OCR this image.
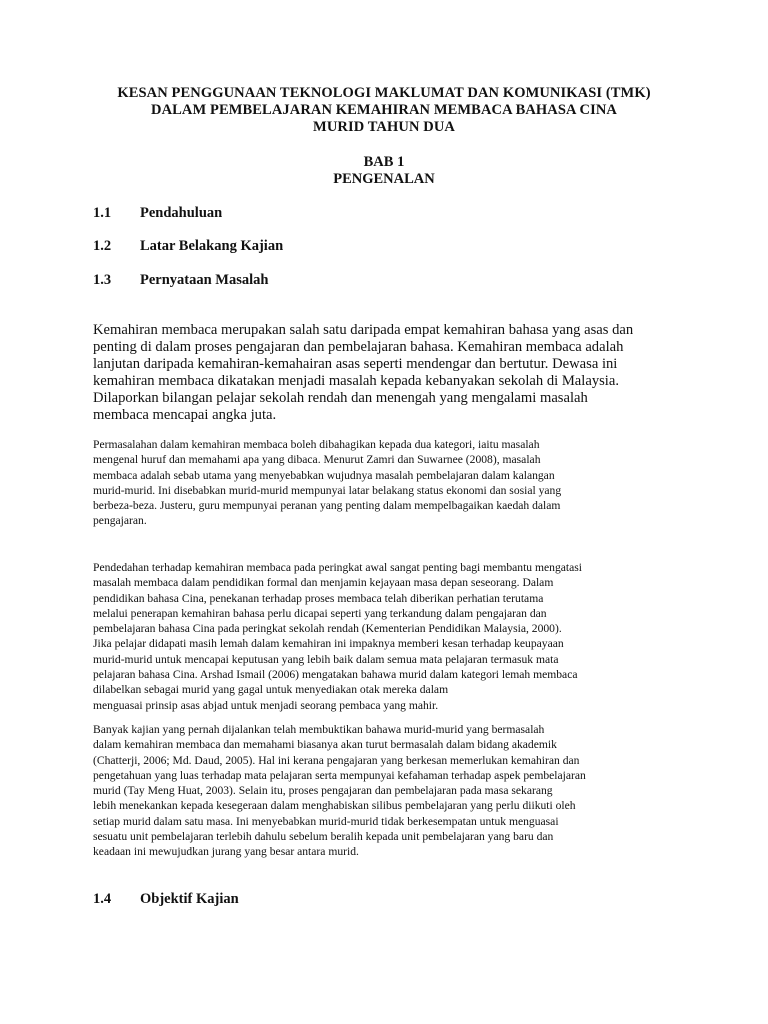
KESAN PENGGUNAAN TEKNOLOGI MAKLUMAT DAN KOMUNIKASI (TMK)
DALAM PEMBELAJARAN KEMAHIRAN MEMBACA BAHASA CINA
MURID TAHUN DUA
BAB 1
PENGENALAN
1.1 Pendahuluan
1.2 Latar Belakang Kajian
1.3 Pernyataan Masalah
Kemahiran membaca merupakan salah satu daripada empat kemahiran bahasa yang asas dan
penting di dalam proses pengajaran dan pembelajaran bahasa. Kemahiran membaca adalah
lanjutan daripada kemahiran-kemahairan asas seperti mendengar dan bertutur. Dewasa ini
kemahiran membaca dikatakan menjadi masalah kepada kebanyakan sekolah di Malaysia.
Dilaporkan bilangan pelajar sekolah rendah dan menengah yang mengalami masalah
membaca mencapai angka juta.
Permasalahan dalam kemahiran membaca boleh dibahagikan kepada dua kategori, iaitu masalah
mengenal huruf dan memahami apa yang dibaca. Menurut Zamri dan Suwarnee (2008), masalah
membaca adalah sebab utama yang menyebabkan wujudnya masalah pembelajaran dalam kalangan
murid-murid. Ini disebabkan murid-murid mempunyai latar belakang status ekonomi dan sosial yang
berbeza-beza. Justeru, guru mempunyai peranan yang penting dalam mempelbagaikan kaedah dalam
pengajaran.
Pendedahan terhadap kemahiran membaca pada peringkat awal sangat penting bagi membantu mengatasi
masalah membaca dalam pendidikan formal dan menjamin kejayaan masa depan seseorang. Dalam
pendidikan bahasa Cina, penekanan terhadap proses membaca telah diberikan perhatian terutama
melalui penerapan kemahiran bahasa perlu dicapai seperti yang terkandung dalam pengajaran dan
pembelajaran bahasa Cina pada peringkat sekolah rendah (Kementerian Pendidikan Malaysia, 2000).
Jika pelajar didapati masih lemah dalam kemahiran ini impaknya memberi kesan terhadap keupayaan
murid-murid untuk mencapai keputusan yang lebih baik dalam semua mata pelajaran termasuk mata
pelajaran bahasa Cina. Arshad Ismail (2006) mengatakan bahawa murid dalam kategori lemah membaca
dilabelkan sebagai murid yang gagal untuk menyediakan otak mereka dalam
menguasai prinsip asas abjad untuk menjadi seorang pembaca yang mahir.
Banyak kajian yang pernah dijalankan telah membuktikan bahawa murid-murid yang bermasalah
dalam kemahiran membaca dan memahami biasanya akan turut bermasalah dalam bidang akademik
(Chatterji, 2006; Md. Daud, 2005). Hal ini kerana pengajaran yang berkesan memerlukan kemahiran dan
pengetahuan yang luas terhadap mata pelajaran serta mempunyai kefahaman terhadap aspek pembelajaran
murid (Tay Meng Huat, 2003). Selain itu, proses pengajaran dan pembelajaran pada masa sekarang
lebih menekankan kepada kesegeraan dalam menghabiskan silibus pembelajaran yang perlu diikuti oleh
setiap murid dalam satu masa. Ini menyebabkan murid-murid tidak berkesempatan untuk menguasai
sesuatu unit pembelajaran terlebih dahulu sebelum beralih kepada unit pembelajaran yang baru dan
keadaan ini mewujudkan jurang yang besar antara murid.
1.4 Objektif Kajian
